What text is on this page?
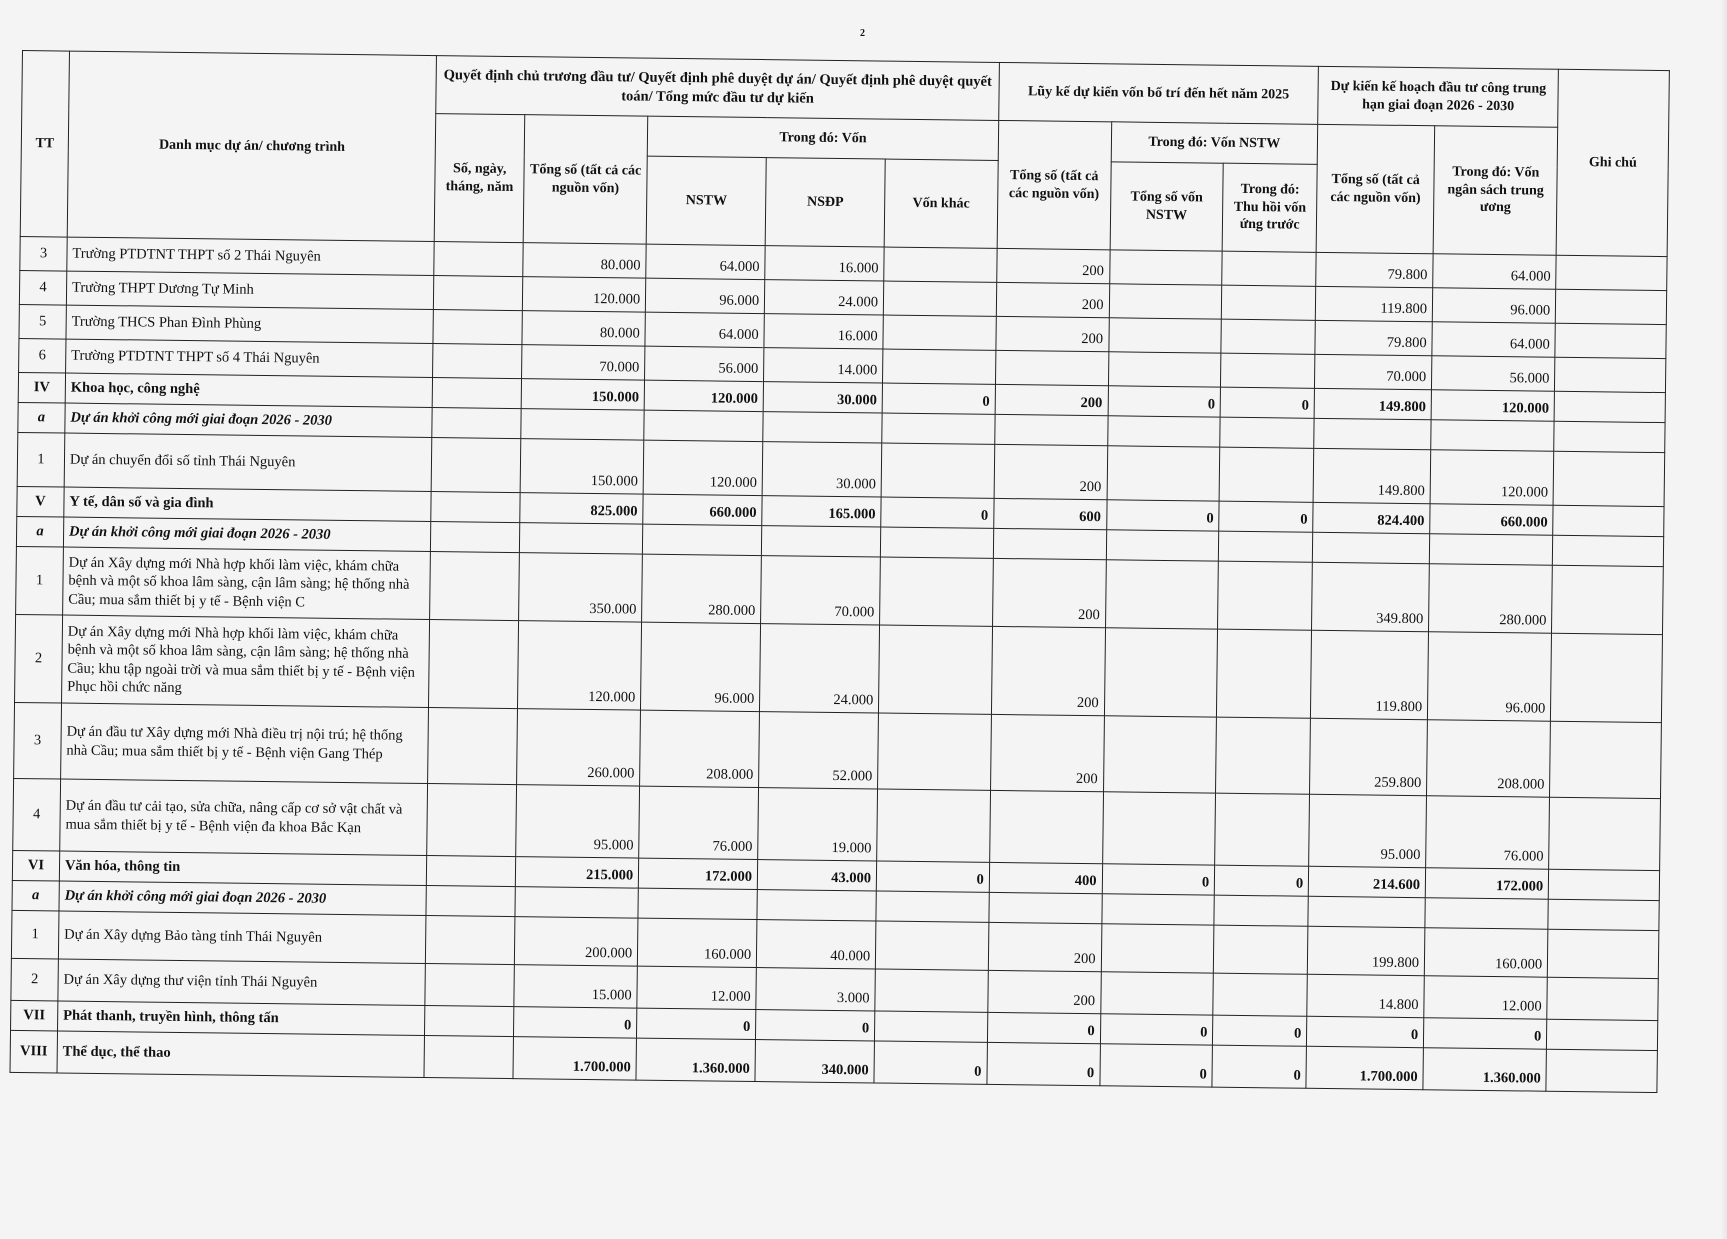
2
TT	Danh mục dự án/ chương trình	Quyết định chủ trương đầu tư/ Quyết định phê duyệt dự án/ Quyết định phê duyệt quyết toán/ Tổng mức đầu tư dự kiến					Lũy kế dự kiến vốn bố trí đến hết năm 2025			Dự kiến kế hoạch đầu tư công trung hạn giai đoạn 2026 - 2030		Ghi chú
		Số, ngày, tháng, năm	Tổng số (tất cả các nguồn vốn)	Trong đó: Vốn			Tổng số (tất cả các nguồn vốn)	Trong đó: Vốn NSTW		Tổng số (tất cả các nguồn vốn)	Trong đó: Vốn ngân sách trung ương	
				NSTW	NSĐP	Vốn khác		Tổng số vốn NSTW	Trong đó: Thu hồi vốn ứng trước			
3	Trường PTDTNT THPT số 2 Thái Nguyên		80.000	64.000	16.000		200			79.800	64.000	
4	Trường THPT Dương Tự Minh		120.000	96.000	24.000		200			119.800	96.000	
5	Trường THCS Phan Đình Phùng		80.000	64.000	16.000		200			79.800	64.000	
6	Trường PTDTNT THPT số 4 Thái Nguyên		70.000	56.000	14.000					70.000	56.000	
IV	Khoa học, công nghệ		150.000	120.000	30.000	0	200	0	0	149.800	120.000	
a	Dự án khởi công mới giai đoạn 2026 - 2030											
1	Dự án chuyển đổi số tỉnh Thái Nguyên		150.000	120.000	30.000		200			149.800	120.000	
V	Y tế, dân số và gia đình		825.000	660.000	165.000	0	600	0	0	824.400	660.000	
a	Dự án khởi công mới giai đoạn 2026 - 2030											
1	Dự án Xây dựng mới Nhà hợp khối làm việc, khám chữa bệnh và một số khoa lâm sàng, cận lâm sàng; hệ thống nhà Cầu; mua sắm thiết bị y tế - Bệnh viện C		350.000	280.000	70.000		200			349.800	280.000	
2	Dự án Xây dựng mới Nhà hợp khối làm việc, khám chữa bệnh và một số khoa lâm sàng, cận lâm sàng; hệ thống nhà Cầu; khu tập ngoài trời và mua sắm thiết bị y tế - Bệnh viện Phục hồi chức năng		120.000	96.000	24.000		200			119.800	96.000	
3	Dự án đầu tư Xây dựng mới Nhà điều trị nội trú; hệ thống nhà Cầu; mua sắm thiết bị y tế - Bệnh viện Gang Thép		260.000	208.000	52.000		200			259.800	208.000	
4	Dự án đầu tư cải tạo, sửa chữa, nâng cấp cơ sở vật chất và mua sắm thiết bị y tế - Bệnh viện đa khoa Bắc Kạn		95.000	76.000	19.000					95.000	76.000	
VI	Văn hóa, thông tin		215.000	172.000	43.000	0	400	0	0	214.600	172.000	
a	Dự án khởi công mới giai đoạn 2026 - 2030											
1	Dự án Xây dựng Bảo tàng tỉnh Thái Nguyên		200.000	160.000	40.000		200			199.800	160.000	
2	Dự án Xây dựng thư viện tỉnh Thái Nguyên		15.000	12.000	3.000		200			14.800	12.000	
VII	Phát thanh, truyền hình, thông tấn		0	0	0		0	0	0	0	0	
VIII	Thể dục, thể thao		1.700.000	1.360.000	340.000	0	0	0	0	1.700.000	1.360.000	
